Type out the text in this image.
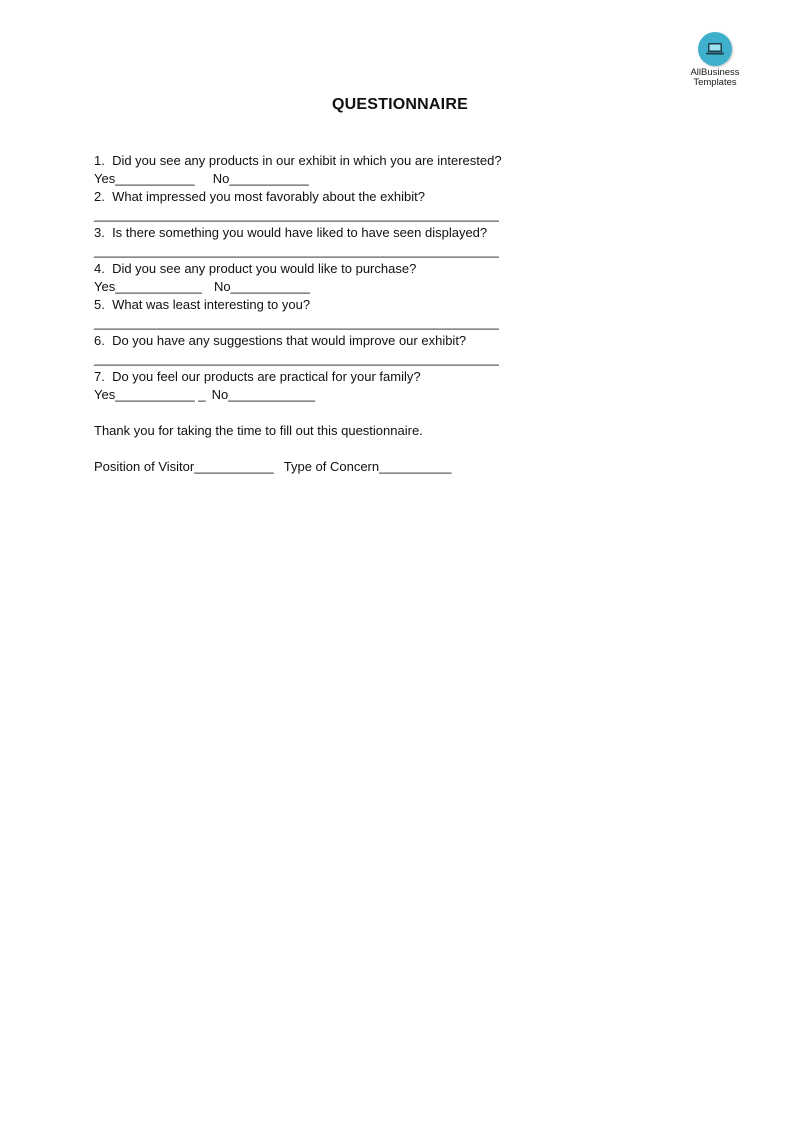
AllBusiness
Templates
QUESTIONNAIRE
1.  Did you see any products in our exhibit in which you are interested?
Yes___________ No___________
2.  What impressed you most favorably about the exhibit?
________________________________________________________
3.  Is there something you would have liked to have seen displayed?
________________________________________________________
4.  Did you see any product you would like to purchase?
Yes____________ No___________
5.  What was least interesting to you?
________________________________________________________
6.  Do you have any suggestions that would improve our exhibit?
________________________________________________________
7.  Do you feel our products are practical for your family?
Yes___________ _ No____________
Thank you for taking the time to fill out this questionnaire.
Position of Visitor___________ Type of Concern__________
